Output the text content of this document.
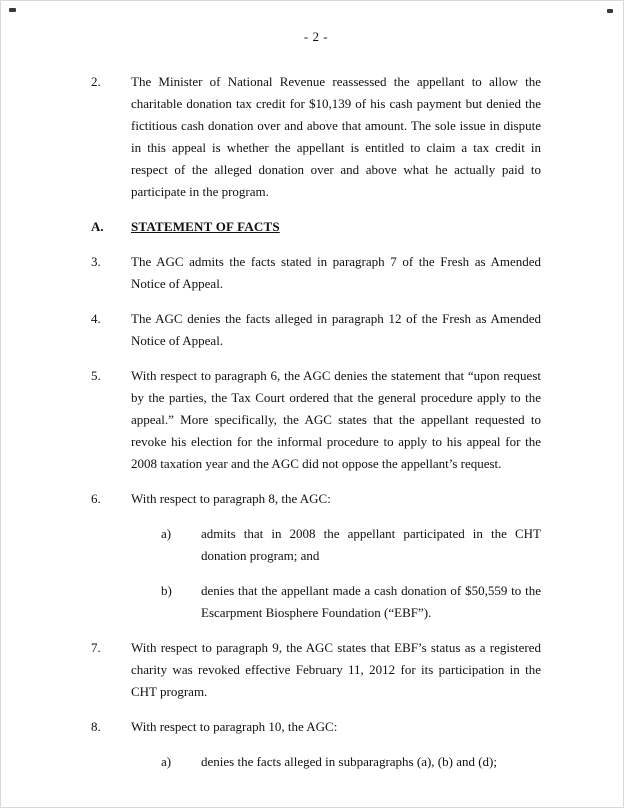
- 2 -
2.	The Minister of National Revenue reassessed the appellant to allow the charitable donation tax credit for $10,139 of his cash payment but denied the fictitious cash donation over and above that amount. The sole issue in dispute in this appeal is whether the appellant is entitled to claim a tax credit in respect of the alleged donation over and above what he actually paid to participate in the program.
A.	STATEMENT OF FACTS
3.	The AGC admits the facts stated in paragraph 7 of the Fresh as Amended Notice of Appeal.
4.	The AGC denies the facts alleged in paragraph 12 of the Fresh as Amended Notice of Appeal.
5.	With respect to paragraph 6, the AGC denies the statement that “upon request by the parties, the Tax Court ordered that the general procedure apply to the appeal.” More specifically, the AGC states that the appellant requested to revoke his election for the informal procedure to apply to his appeal for the 2008 taxation year and the AGC did not oppose the appellant’s request.
6.	With respect to paragraph 8, the AGC:
a)	admits that in 2008 the appellant participated in the CHT donation program; and
b)	denies that the appellant made a cash donation of $50,559 to the Escarpment Biosphere Foundation (“EBF”).
7.	With respect to paragraph 9, the AGC states that EBF’s status as a registered charity was revoked effective February 11, 2012 for its participation in the CHT program.
8.	With respect to paragraph 10, the AGC:
a)	denies the facts alleged in subparagraphs (a), (b) and (d);
